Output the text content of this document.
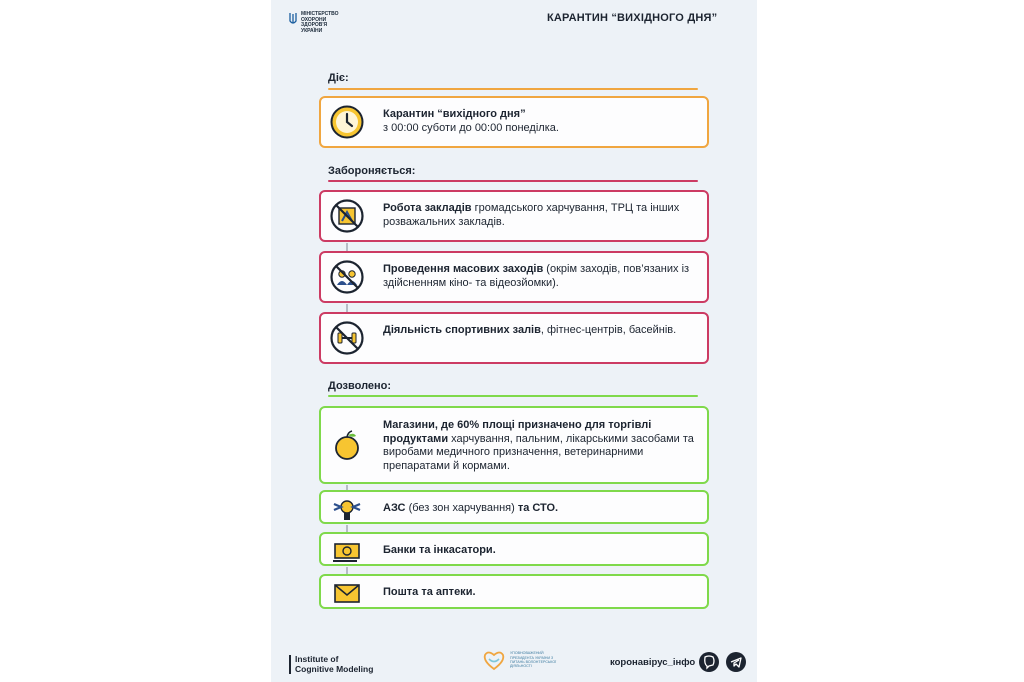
МІНІСТЕРСТВО
ОХОРОНИ
ЗДОРОВ'Я
УКРАЇНИ
КАРАНТИН “ВИХІДНОГО ДНЯ”
Діє:
Карантин “вихідного дня”
з 00:00 суботи до 00:00 понеділка.
Забороняється:
Робота закладів громадського харчування, ТРЦ та інших розважальних закладів.
Проведення масових заходів (окрім заходів, пов’язаних із здійсненням кіно- та відеозйомки).
Діяльність спортивних залів, фітнес-центрів, басейнів.
Дозволено:
Магазини, де 60% площі призначено для торгівлі продуктами харчування, пальним, лікарськими засобами та виробами медичного призначення, ветеринарними препаратами й кормами.
АЗС (без зон харчування) та СТО.
Банки та інкасатори.
Пошта та аптеки.
Institute of
Cognitive Modeling
УПОВНОВАЖЕНИЙ ПРЕЗИДЕНТА УКРАЇНИ З ПИТАНЬ ВОЛОНТЕРСЬКОЇ ДІЯЛЬНОСТІ	коронавірус_інфо
